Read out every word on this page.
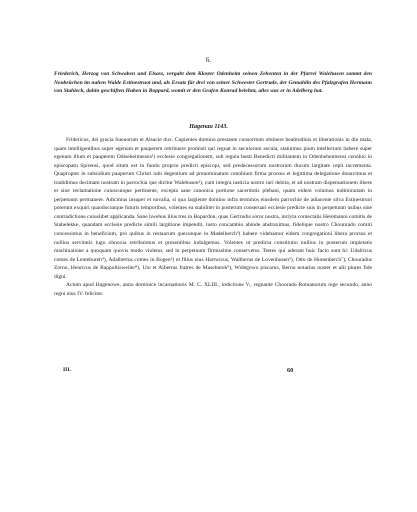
6.
Friederich, Herzog von Schwaben und Elsass, vergabt dem Kloster Odenheim seinen Zehenten in der Pfarrei Walehusen sammt den Neubrüchen im nahen Walde Estinestruot und, als Ersatz für drei von seiner Schwester Gertrude, der Gemahlin des Pfalzgrafen Hermann von Stahleck, dahin geschiften Huben in Boppard, womit er den Grafen Konrad belehnt, alles was er in Adelberg hat.
Hagenau 1143.

Fridericus, dei gracia Sueuorum et Alsacie dux. Cupientes domino prestante consortium obtinere beatitudinis et liberationis in die mala, quam intelligentibus super egenum et pauperem retribuere promisit qui regnat in seculorum secula, statuimus pium intellectum habere super egenum illum et pauperem Odiseheimensis¹) ecclesie congregationem, sub regula beati Benedicti militantem in Odenheheimensi cenobio in episcopatu Spirensi, quod situm est in fundo proprio predicti episcopi, sed predecessorum nostrorum ducum largitate cepit incrementa. Quapropter in subsidium pauperum Christi iubi degentium ad prenominatum cenobium firma prorsus et legittima delegatione donavimus et tradidimus decimam nostram in parrochia que dicitur Walehusen²), cum integra iusticia nostro iuri debita, et ad nostram dispensationem libere et sine reclamatione cuiuscunque pertinente, excepta sane canonica portione sacerdotis plebani, quam eidem volumus indiminutam in perpetuum permanere. Adicimus insuper et novalia, si qua largiente domino infra terminos eiusdem parrochie de adiacente silva Estinestruot poterunt exquiri quaodocunque futuris temporibus, volentes ea stabiliter in posterum conseruari ecclesie predicte suis in perpetuum usibus sine contradictione cuiuslibet applicanda. Sane hwehus illus tres in Bopardon, quas Gertrudis soror nostra, inclyta contectalis Heremanni comitis de Stahelekke, quandam ecclesie predicte simili largitione impendit, iusto concambio abinde abstraximus, fidelique nostro Chounrado comiti concessimus in beneficium, pro quibus in restaurum quecunque in Madelberch³) habere videbamur eidem congregationi libera prorsus et nullius servitutis iugo obnoxia retribuimus et presentibus indulgemus. Volentes ut predicta constitutio nullius in posterum impietatis machinatione a quoquam quovis modo violetur, sed in perpetuum firmissime conservetur. Testes qui aderant huic facto sunt hi: Udalricus comes de Lentebureh⁴), Adalbertus comes in Bogen⁵) et filius eius Hartwicus, Waltherus de Lovenhusen⁶), Otto de Hunenberch⁷), Chouradus Zorno, Henricus de Rappoltisweiler⁸), Uto et Albertus fratres de Masebureh⁹), Widegowo piscarus, Berno notarius noster et alii plures fide digni.

Actum apud Hagenowe, anno dominice incarnationis M. C. XLIII., indictione V., regnante Choorado Romanorum rege secundo, anno regni eius IV. feliciter.

III.	60
